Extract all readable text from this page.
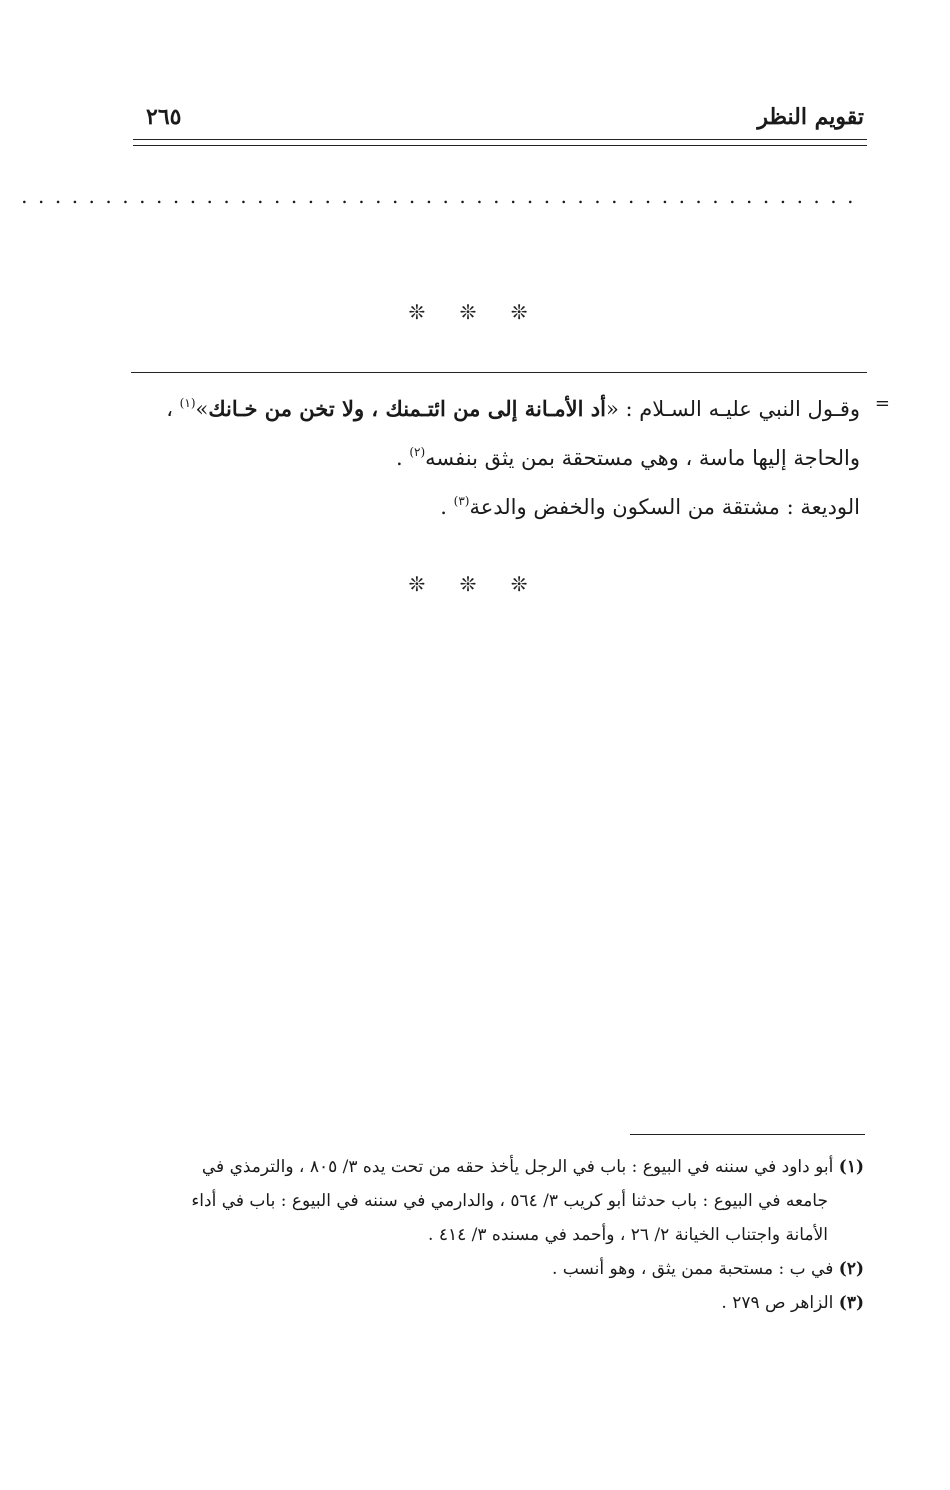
تقويم النظر
٢٦٥
..................................................
❊ ❊ ❊
=
وقـول النبي عليـه السـلام : «أد الأمـانة إلى من ائتـمنك ، ولا تخن من خـانك»$^{(١)}$ ،
والحاجة إليها ماسة ، وهي مستحقة بمن يثق بنفسه$^{(٢)}$ .
الوديعة : مشتقة من السكون والخفض والدعة$^{(٣)}$ .
❊ ❊ ❊
(١) أبو داود في سننه في البيوع : باب في الرجل يأخذ حقه من تحت يده ٣/ ٨٠٥ ، والترمذي في
جامعه في البيوع : باب حدثنا أبو كريب ٣/ ٥٦٤ ، والدارمي في سننه في البيوع : باب في أداء
الأمانة واجتناب الخيانة ٢/ ٢٦ ، وأحمد في مسنده ٣/ ٤١٤ .
(٢) في ب : مستحبة ممن يثق ، وهو أنسب .
(٣) الزاهر ص ٢٧٩ .
